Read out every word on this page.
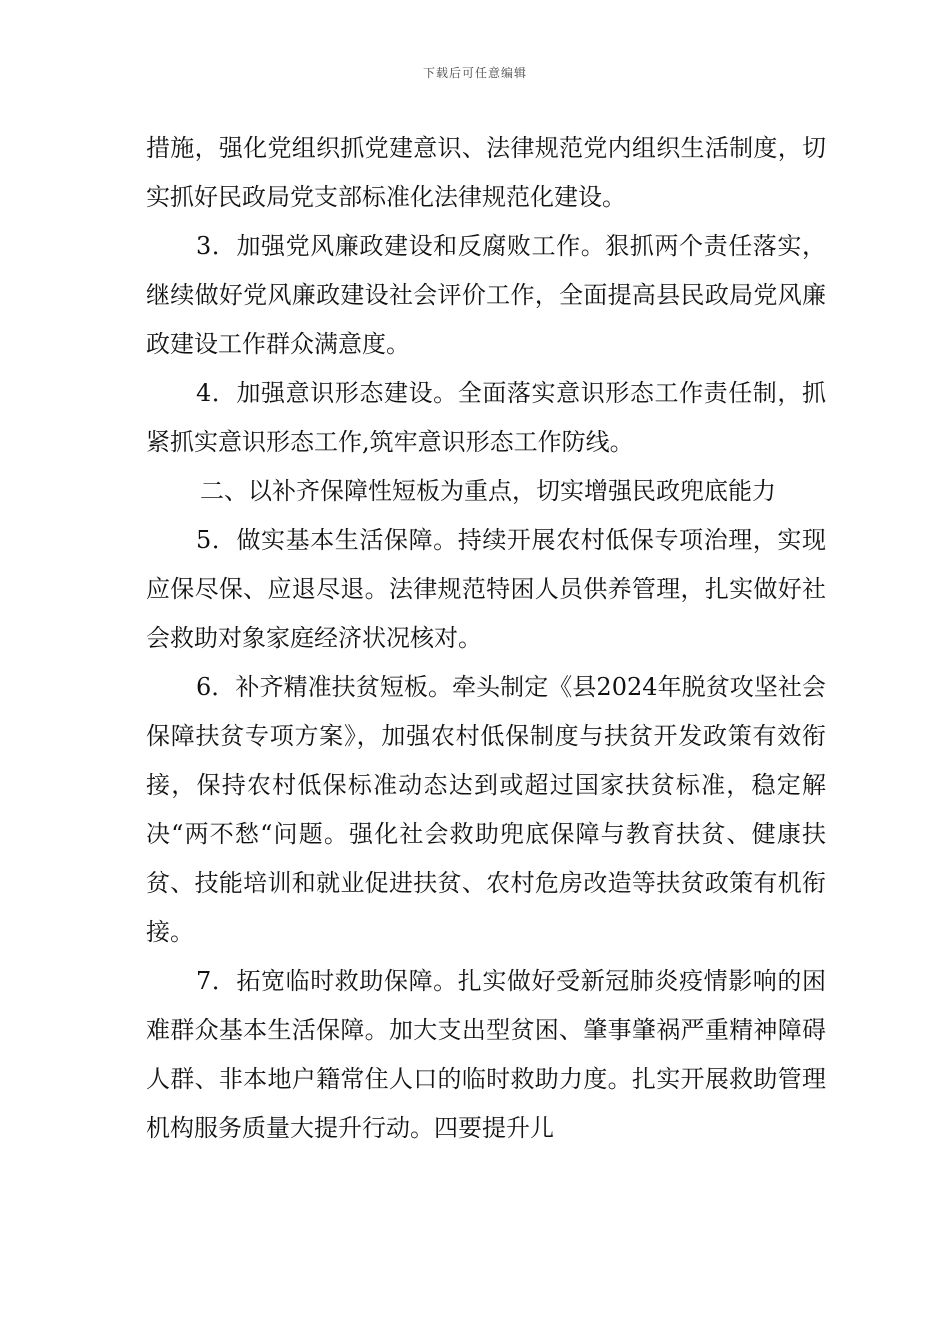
下载后可任意编辑

措施，强化党组织抓党建意识、法律规范党内组织生活制度，切实抓好民政局党支部标准化法律规范化建设。

3．加强党风廉政建设和反腐败工作。狠抓两个责任落实，继续做好党风廉政建设社会评价工作，全面提高县民政局党风廉政建设工作群众满意度。

4．加强意识形态建设。全面落实意识形态工作责任制，抓紧抓实意识形态工作,筑牢意识形态工作防线。

二、以补齐保障性短板为重点，切实增强民政兜底能力

5．做实基本生活保障。持续开展农村低保专项治理，实现应保尽保、应退尽退。法律规范特困人员供养管理，扎实做好社会救助对象家庭经济状况核对。

6．补齐精准扶贫短板。牵头制定《县2024年脱贫攻坚社会保障扶贫专项方案》，加强农村低保制度与扶贫开发政策有效衔接，保持农村低保标准动态达到或超过国家扶贫标准，稳定解决“两不愁“问题。强化社会救助兜底保障与教育扶贫、健康扶贫、技能培训和就业促进扶贫、农村危房改造等扶贫政策有机衔接。

7．拓宽临时救助保障。扎实做好受新冠肺炎疫情影响的困难群众基本生活保障。加大支出型贫困、肇事肇祸严重精神障碍人群、非本地户籍常住人口的临时救助力度。扎实开展救助管理机构服务质量大提升行动。四要提升儿
